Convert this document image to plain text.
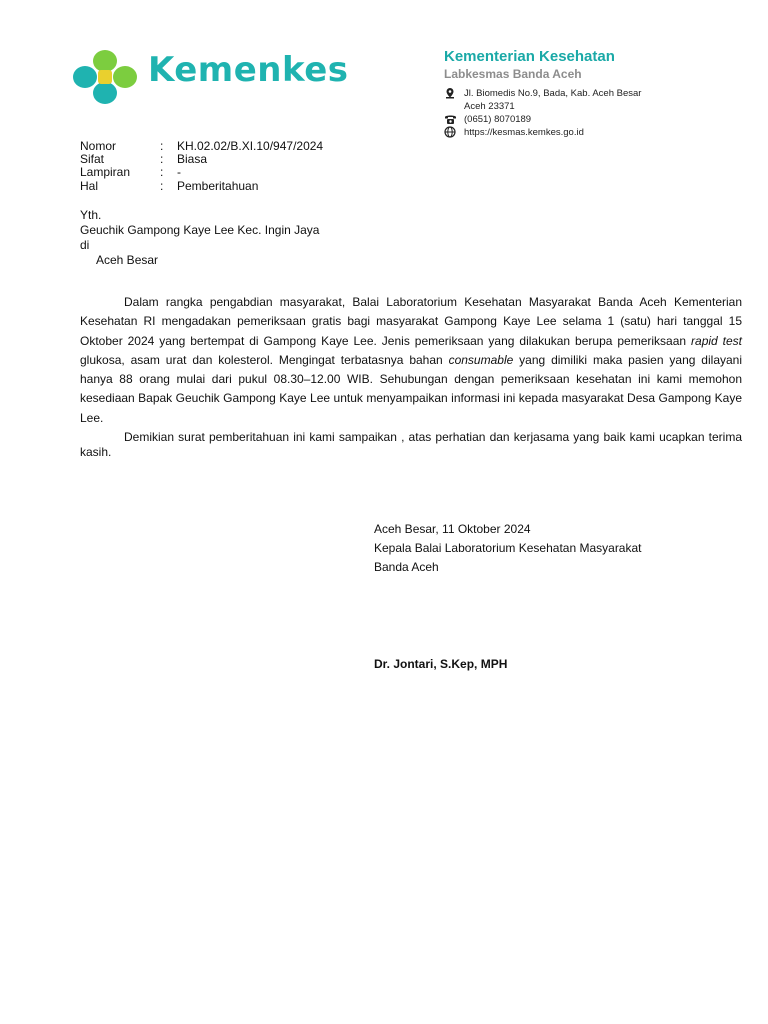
Kemenkes	Kementerian Kesehatan
Labkesmas Banda Aceh
Jl. Biomedis No.9, Bada, Kab. Aceh Besar
Aceh 23371
(0651) 8070189
https://kesmas.kemkes.go.id
Nomor	:	KH.02.02/B.XI.10/947/2024
Sifat	:	Biasa
Lampiran	:	-
Hal	:	Pemberitahuan
Yth.
Geuchik Gampong Kaye Lee Kec. Ingin Jaya
di
Aceh Besar

Dalam rangka pengabdian masyarakat, Balai Laboratorium Kesehatan Masyarakat Banda Aceh Kementerian Kesehatan RI mengadakan pemeriksaan gratis bagi masyarakat Gampong Kaye Lee selama 1 (satu) hari tanggal 15 Oktober 2024 yang bertempat di Gampong Kaye Lee. Jenis pemeriksaan yang dilakukan berupa pemeriksaan rapid test glukosa, asam urat dan kolesterol. Mengingat terbatasnya bahan consumable yang dimiliki maka pasien yang dilayani hanya 88 orang mulai dari pukul 08.30–12.00 WIB. Sehubungan dengan pemeriksaan kesehatan ini kami memohon kesediaan Bapak Geuchik Gampong Kaye Lee untuk menyampaikan informasi ini kepada masyarakat Desa Gampong Kaye Lee.

Demikian surat pemberitahuan ini kami sampaikan , atas perhatian dan kerjasama yang baik kami ucapkan terima kasih.

Aceh Besar, 11 Oktober 2024
Kepala Balai Laboratorium Kesehatan Masyarakat
Banda Aceh
Dr. Jontari, S.Kep, MPH
